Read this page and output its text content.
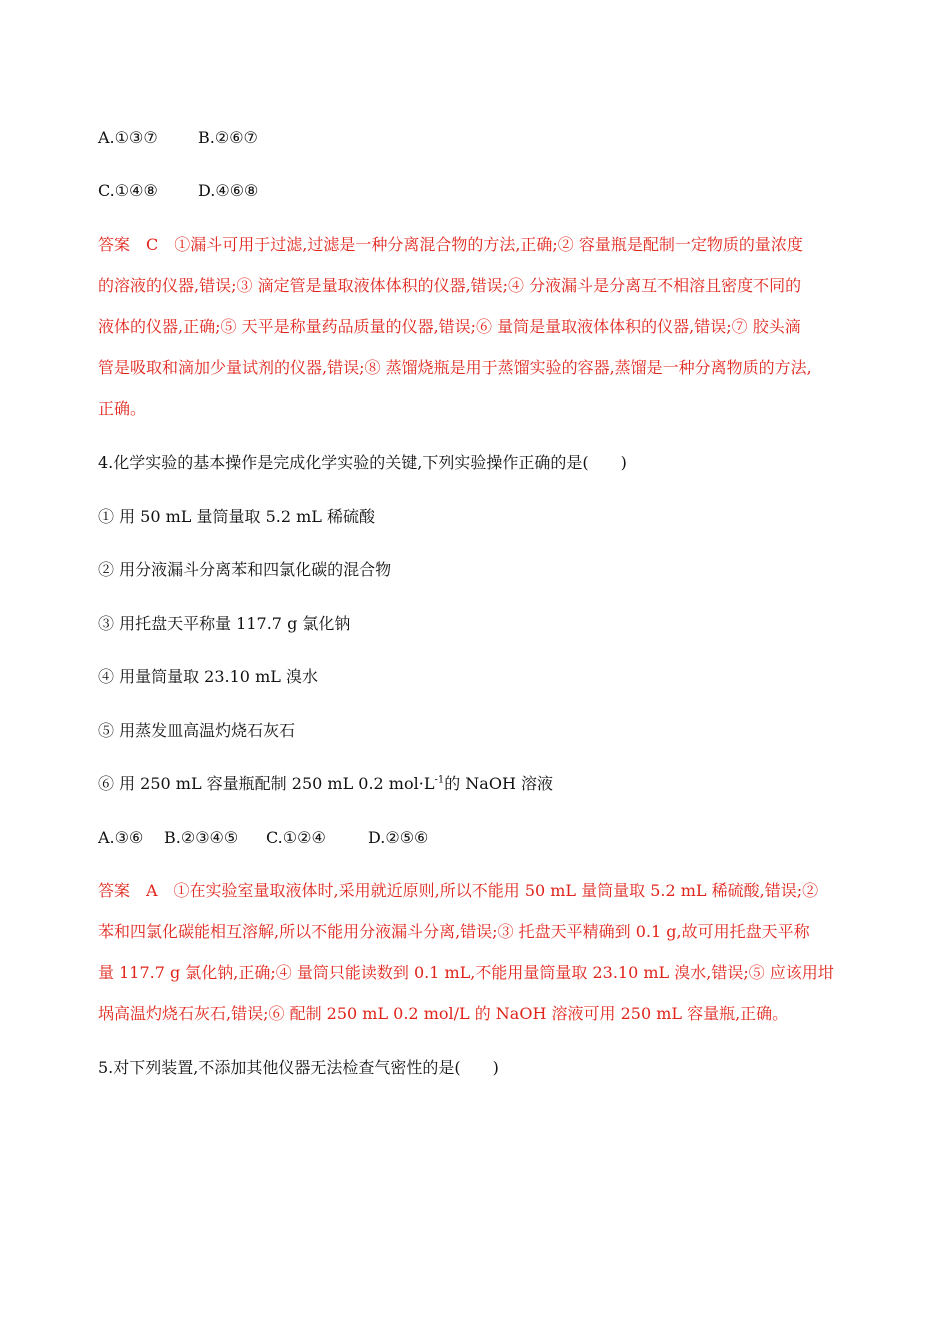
A.①③⑦	B.②⑥⑦
C.①④⑧	D.④⑥⑧
答案　C　①漏斗可用于过滤,过滤是一种分离混合物的方法,正确;② 容量瓶是配制一定物质的量浓度
的溶液的仪器,错误;③ 滴定管是量取液体体积的仪器,错误;④ 分液漏斗是分离互不相溶且密度不同的
液体的仪器,正确;⑤ 天平是称量药品质量的仪器,错误;⑥ 量筒是量取液体体积的仪器,错误;⑦ 胶头滴
管是吸取和滴加少量试剂的仪器,错误;⑧ 蒸馏烧瓶是用于蒸馏实验的容器,蒸馏是一种分离物质的方法,
正确。
4.化学实验的基本操作是完成化学实验的关键,下列实验操作正确的是(　　)
① 用 50 mL 量筒量取 5.2 mL 稀硫酸
② 用分液漏斗分离苯和四氯化碳的混合物
③ 用托盘天平称量 117.7 g 氯化钠
④ 用量筒量取 23.10 mL 溴水
⑤ 用蒸发皿高温灼烧石灰石
⑥ 用 250 mL 容量瓶配制 250 mL 0.2 $mol\cdot L^{-1}$的 NaOH 溶液
A.③⑥ B.②③④⑤ C.①②④	D.②⑤⑥
答案　A　①在实验室量取液体时,采用就近原则,所以不能用 50 mL 量筒量取 5.2 mL 稀硫酸,错误;②
苯和四氯化碳能相互溶解,所以不能用分液漏斗分离,错误;③ 托盘天平精确到 0.1 g,故可用托盘天平称
量 117.7 g 氯化钠,正确;④ 量筒只能读数到 0.1 mL,不能用量筒量取 23.10 mL 溴水,错误;⑤ 应该用坩
埚高温灼烧石灰石,错误;⑥ 配制 250 mL 0.2 mol/L 的 NaOH 溶液可用 250 mL 容量瓶,正确。
5.对下列装置,不添加其他仪器无法检查气密性的是(　　)
